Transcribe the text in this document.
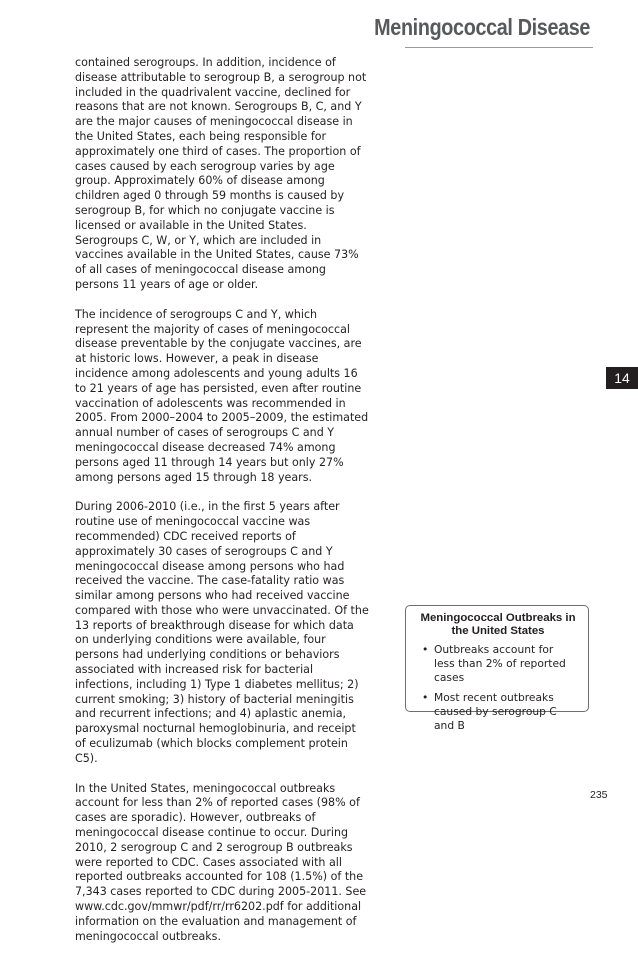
Meningococcal Disease

contained serogroups. In addition, incidence of disease attributable to serogroup B, a serogroup not included in the quadrivalent vaccine, declined for reasons that are not known. Serogroups B, C, and Y are the major causes of meningococcal disease in the United States, each being responsible for approximately one third of cases. The proportion of cases caused by each serogroup varies by age group. Approximately 60% of disease among children aged 0 through 59 months is caused by serogroup B, for which no conjugate vaccine is licensed or available in the United States. Serogroups C, W, or Y, which are included in vaccines available in the United States, cause 73% of all cases of meningococcal disease among persons 11 years of age or older.

The incidence of serogroups C and Y, which represent the majority of cases of meningococcal disease preventable by the conjugate vaccines, are at historic lows. However, a peak in disease incidence among adolescents and young adults 16 to 21 years of age has persisted, even after routine vaccination of adolescents was recommended in 2005. From 2000–2004 to 2005–2009, the estimated annual number of cases of serogroups C and Y meningococcal disease decreased 74% among persons aged 11 through 14 years but only 27% among persons aged 15 through 18 years.

During 2006-2010 (i.e., in the first 5 years after routine use of meningococcal vaccine was recommended) CDC received reports of approximately 30 cases of serogroups C and Y meningococcal disease among persons who had received the vaccine. The case-fatality ratio was similar among persons who had received vaccine compared with those who were unvaccinated. Of the 13 reports of breakthrough disease for which data on underlying conditions were available, four persons had underlying conditions or behaviors associated with increased risk for bacterial infections, including 1) Type 1 diabetes mellitus; 2) current smoking; 3) history of bacterial meningitis and recurrent infections; and 4) aplastic anemia, paroxysmal nocturnal hemoglobinuria, and receipt of eculizumab (which blocks complement protein C5).

In the United States, meningococcal outbreaks account for less than 2% of reported cases (98% of cases are sporadic). However, outbreaks of meningococcal disease continue to occur. During 2010, 2 serogroup C and 2 serogroup B outbreaks were reported to CDC. Cases associated with all reported outbreaks accounted for 108 (1.5%) of the 7,343 cases reported to CDC during 2005-2011. See www.cdc.gov/mmwr/pdf/rr/rr6202.pdf for additional information on the evaluation and management of meningococcal outbreaks.

14
Meningococcal Outbreaks in the United States
• Outbreaks account for less than 2% of reported cases
• Most recent outbreaks caused by serogroup C and B
235
